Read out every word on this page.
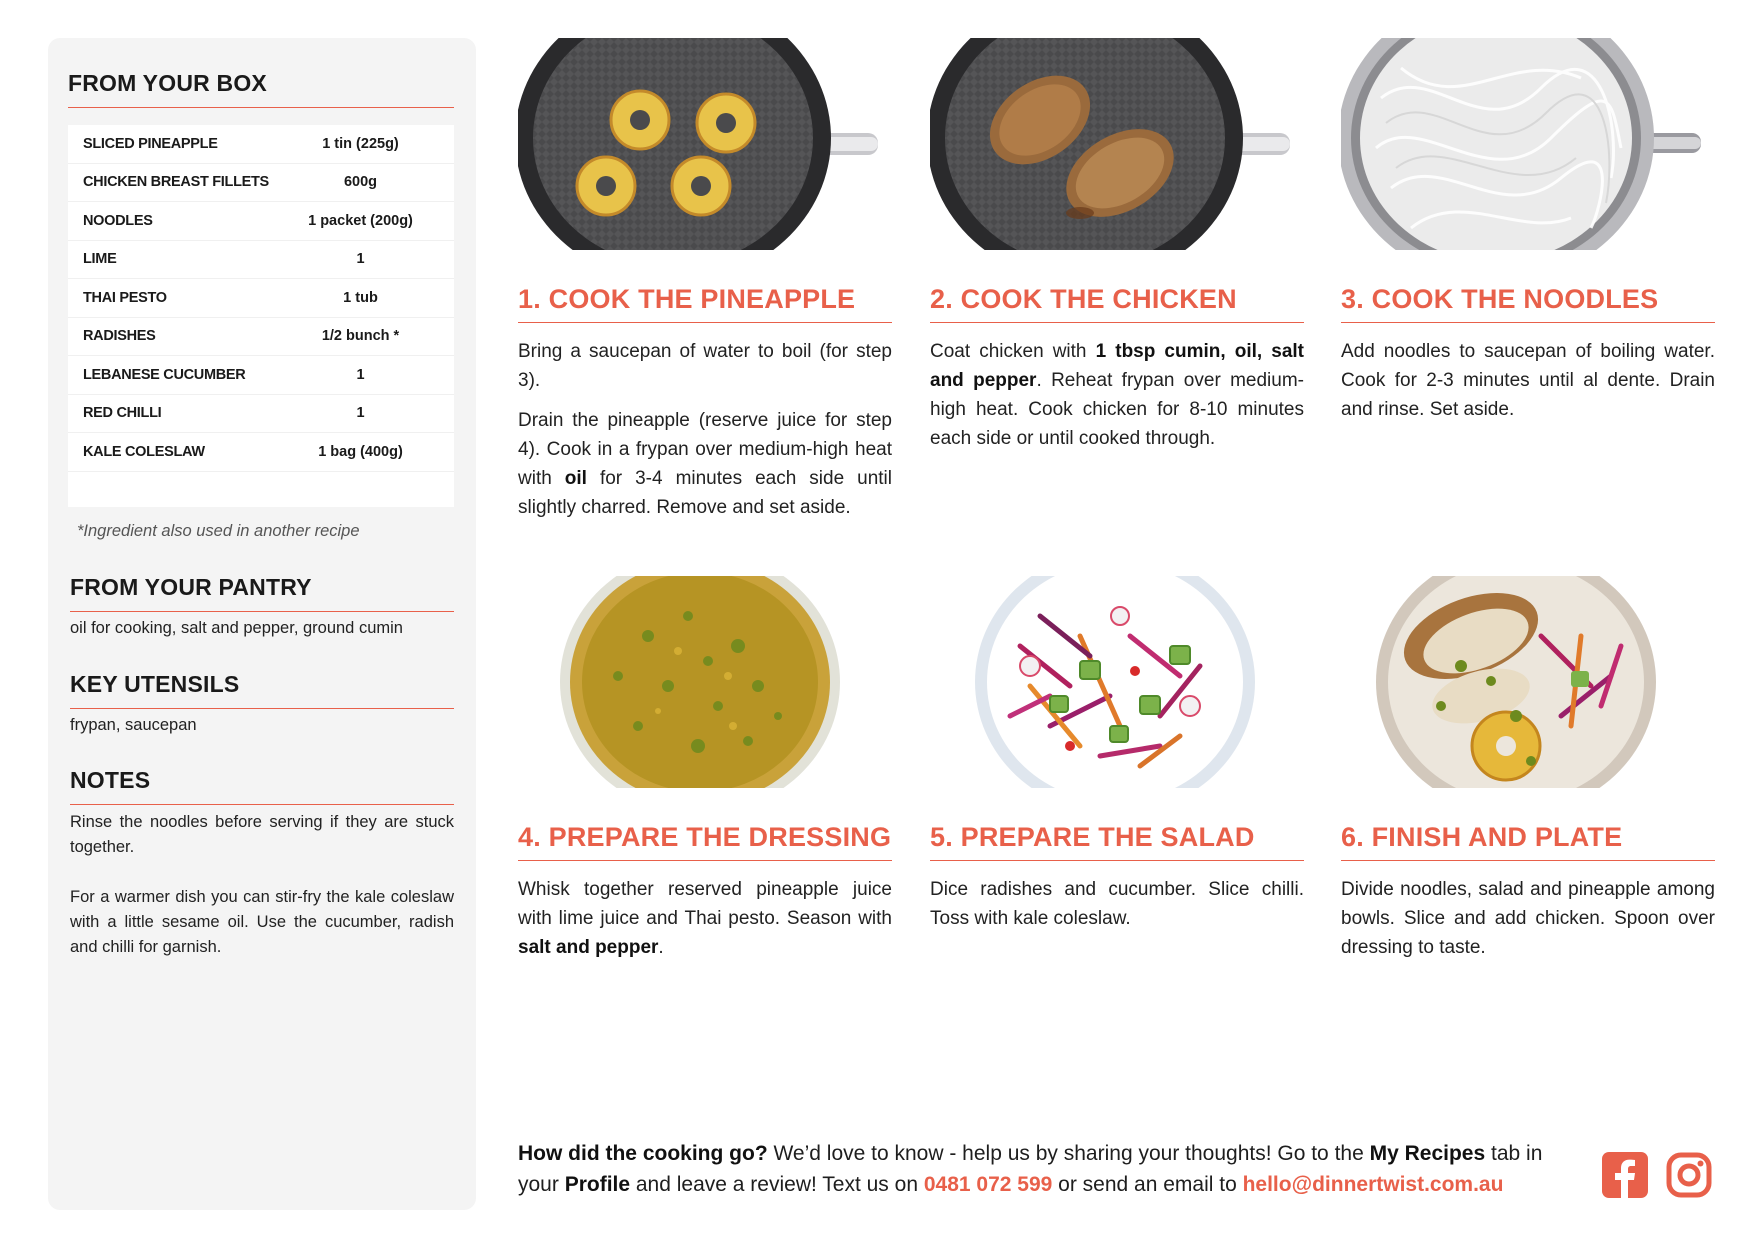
FROM YOUR BOX
SLICED PINEAPPLE	1 tin (225g)
CHICKEN BREAST FILLETS	600g
NOODLES	1 packet (200g)
LIME	1
THAI PESTO	1 tub
RADISHES	1/2 bunch *
LEBANESE CUCUMBER	1
RED CHILLI	1
KALE COLESLAW	1 bag (400g)
*Ingredient also used in another recipe
FROM YOUR PANTRY
oil for cooking, salt and pepper, ground cumin
KEY UTENSILS
frypan, saucepan
NOTES
Rinse the noodles before serving if they are stuck together.
For a warmer dish you can stir-fry the kale coleslaw with a little sesame oil. Use the cucumber, radish and chilli for garnish.
1. COOK THE PINEAPPLE

Bring a saucepan of water to boil (for step 3).

Drain the pineapple (reserve juice for step 4). Cook in a frypan over medium-high heat with oil for 3-4 minutes each side until slightly charred. Remove and set aside.

2. COOK THE CHICKEN

Coat chicken with 1 tbsp cumin, oil, salt and pepper. Reheat frypan over medium-high heat. Cook chicken for 8-10 minutes each side or until cooked through.

3. COOK THE NOODLES

Add noodles to saucepan of boiling water. Cook for 2-3 minutes until al dente. Drain and rinse. Set aside.

4. PREPARE THE DRESSING

Whisk together reserved pineapple juice with lime juice and Thai pesto. Season with salt and pepper.

5. PREPARE THE SALAD

Dice radishes and cucumber. Slice chilli. Toss with kale coleslaw.

6. FINISH AND PLATE

Divide noodles, salad and pineapple among bowls. Slice and add chicken. Spoon over dressing to taste.

How did the cooking go? We’d love to know - help us by sharing your thoughts! Go to the My Recipes tab in your Profile and leave a review! Text us on 0481 072 599 or send an email to hello@dinnertwist.com.au
